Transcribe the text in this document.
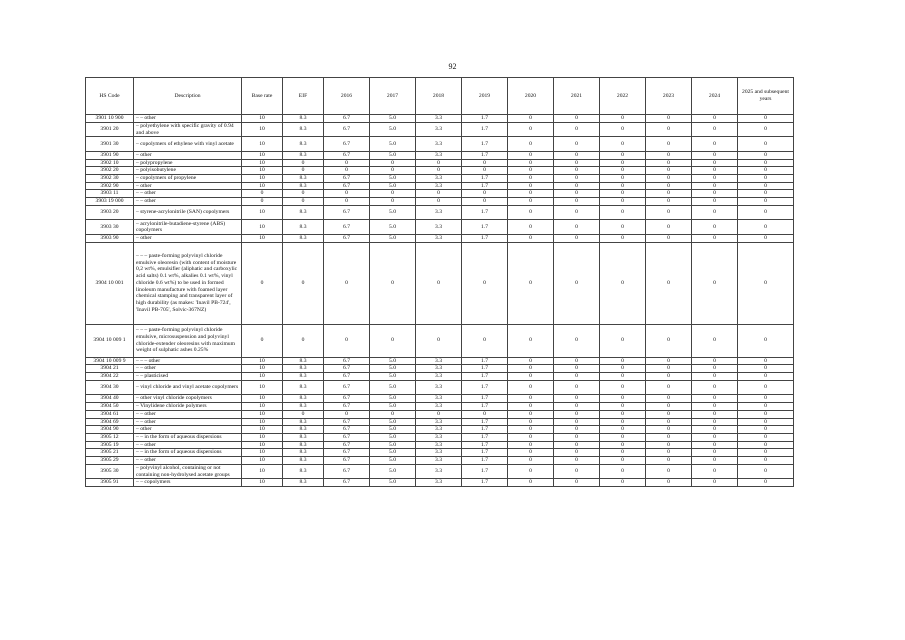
92
HS Code	Description	Base rate	EIF	2016	2017	2018	2019	2020	2021	2022	2023	2024	2025 and subsequent years
3901 10 900	– – other	10	8.3	6.7	5.0	3.3	1.7	0	0	0	0	0	0
3901 20	– polyethylene with specific gravity of 0.94 and above	10	8.3	6.7	5.0	3.3	1.7	0	0	0	0	0	0
3901 30	– copolymers of ethylene with vinyl acetate	10	8.3	6.7	5.0	3.3	1.7	0	0	0	0	0	0
3901 90	– other	10	8.3	6.7	5.0	3.3	1.7	0	0	0	0	0	0
3902 10	– polypropylene	10	0	0	0	0	0	0	0	0	0	0	0
3902 20	– polyisobutylene	10	0	0	0	0	0	0	0	0	0	0	0
3902 30	– copolymers of propylene	10	8.3	6.7	5.0	3.3	1.7	0	0	0	0	0	0
3902 90	– other	10	8.3	6.7	5.0	3.3	1.7	0	0	0	0	0	0
3903 11	– – other	0	0	0	0	0	0	0	0	0	0	0	0
3903 19 000	– – other	0	0	0	0	0	0	0	0	0	0	0	0
3903 20	– styrene-acrylonitrile (SAN) copolymers	10	8.3	6.7	5.0	3.3	1.7	0	0	0	0	0	0
3903 30	– acrylonitrile-butadiene-styrene (ABS) copolymers	10	8.3	6.7	5.0	3.3	1.7	0	0	0	0	0	0
3903 90	– other	10	8.3	6.7	5.0	3.3	1.7	0	0	0	0	0	0
3904 10 001	– – – paste-forming polyvinyl chloride emulsive oleoresin (with content of moisture 0,2 wt%, emulsifier (aliphatic and carboxylic acid salts) 0.1 wt%, alkalies 0.1 wt%, vinyl chloride 0.6 wt%) to be used in formed linoleum manufacture with foamed layer chemical stamping and transparent layer of high durability (as makes: 'Inavil PB-724', 'Inavil PB-705', Solvic-367NZ)	0	0	0	0	0	0	0	0	0	0	0	0
3904 10 009 1	– – – paste-forming polyvinyl chloride emulsive, microsuspension and polyvinyl chloride-extender oleoresins with maximum weight of sulphatic ashes 0.25%	0	0	0	0	0	0	0	0	0	0	0	0
3904 10 009 9	– – – other	10	8.3	6.7	5.0	3.3	1.7	0	0	0	0	0	0
3904 21	– – other	10	8.3	6.7	5.0	3.3	1.7	0	0	0	0	0	0
3904 22	– – plasticised	10	8.3	6.7	5.0	3.3	1.7	0	0	0	0	0	0
3904 30	– vinyl chloride and vinyl acetate copolymers	10	8.3	6.7	5.0	3.3	1.7	0	0	0	0	0	0
3904 40	– other vinyl chloride copolymers	10	8.3	6.7	5.0	3.3	1.7	0	0	0	0	0	0
3904 50	– Vinylidene chloride polymers	10	8.3	6.7	5.0	3.3	1.7	0	0	0	0	0	0
3904 61	– – other	10	0	0	0	0	0	0	0	0	0	0	0
3904 69	– – other	10	8.3	6.7	5.0	3.3	1.7	0	0	0	0	0	0
3904 90	– other	10	8.3	6.7	5.0	3.3	1.7	0	0	0	0	0	0
3905 12	– – in the form of aqueous dispersions	10	8.3	6.7	5.0	3.3	1.7	0	0	0	0	0	0
3905 19	– – other	10	8.3	6.7	5.0	3.3	1.7	0	0	0	0	0	0
3905 21	– – in the form of aqueous dispersions	10	8.3	6.7	5.0	3.3	1.7	0	0	0	0	0	0
3905 29	– – other	10	8.3	6.7	5.0	3.3	1.7	0	0	0	0	0	0
3905 30	– polyvinyl alcohol, containing or not containing non-hydrolysed acetate groups	10	8.3	6.7	5.0	3.3	1.7	0	0	0	0	0	0
3905 91	– – copolymers	10	8.3	6.7	5.0	3.3	1.7	0	0	0	0	0	0
